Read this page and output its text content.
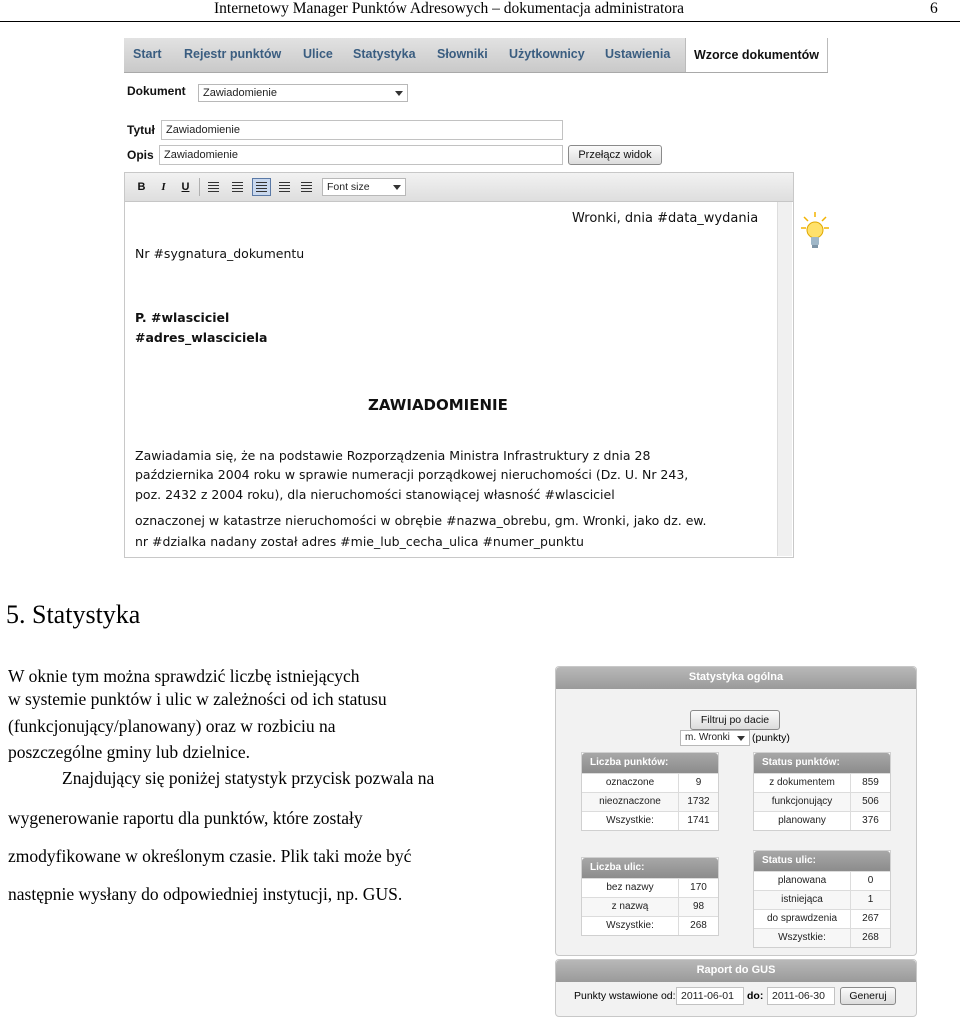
Internetowy Manager Punktów Adresowych – dokumentacja administratora	6
Start Rejestr punktów Ulice Statystyka Słowniki Użytkownicy Ustawienia	Wzorce dokumentów
Dokument	Zawiadomienie
Tytuł	Zawiadomienie
Opis Zawiadomienie	Przełącz widok
B	I	U	Font size
Wronki, dnia #data_wydania
Nr #sygnatura_dokumentu
P. #wlasciciel
#adres_wlasciciela
ZAWIADOMIENIE
Zawiadamia się, że na podstawie Rozporządzenia Ministra Infrastruktury z dnia 28
października 2004 roku w sprawie numeracji porządkowej nieruchomości (Dz. U. Nr 243,
poz. 2432 z 2004 roku), dla nieruchomości stanowiącej własność #wlasciciel
oznaczonej w katastrze nieruchomości w obrębie #nazwa_obrebu, gm. Wronki, jako dz. ew.
nr #dzialka nadany został adres #mie_lub_cecha_ulica #numer_punktu
5. Statystyka
W oknie tym można sprawdzić liczbę istniejących
w systemie punktów i ulic w zależności od ich statusu
(funkcjonujący/planowany) oraz w rozbiciu na
poszczególne gminy lub dzielnice.
Znajdujący się poniżej statystyk przycisk pozwala na
wygenerowanie raportu dla punktów, które zostały
zmodyfikowane w określonym czasie. Plik taki może być
następnie wysłany do odpowiedniej instytucji, np. GUS.
Statystyka ogólna
Filtruj po dacie
m. Wronki	(punkty)
Liczba punktów:
oznaczone	9
nieoznaczone	1732
Wszystkie:	1741
Status punktów:
z dokumentem	859
funkcjonujący	506
planowany	376
Liczba ulic:
bez nazwy	170
z nazwą	98
Wszystkie:	268
Status ulic:
planowana	0
istniejąca	1
do sprawdzenia	267
Wszystkie:	268
Raport do GUS
Punkty wstawione od: 2011-06-01	do: 2011-06-30	Generuj
